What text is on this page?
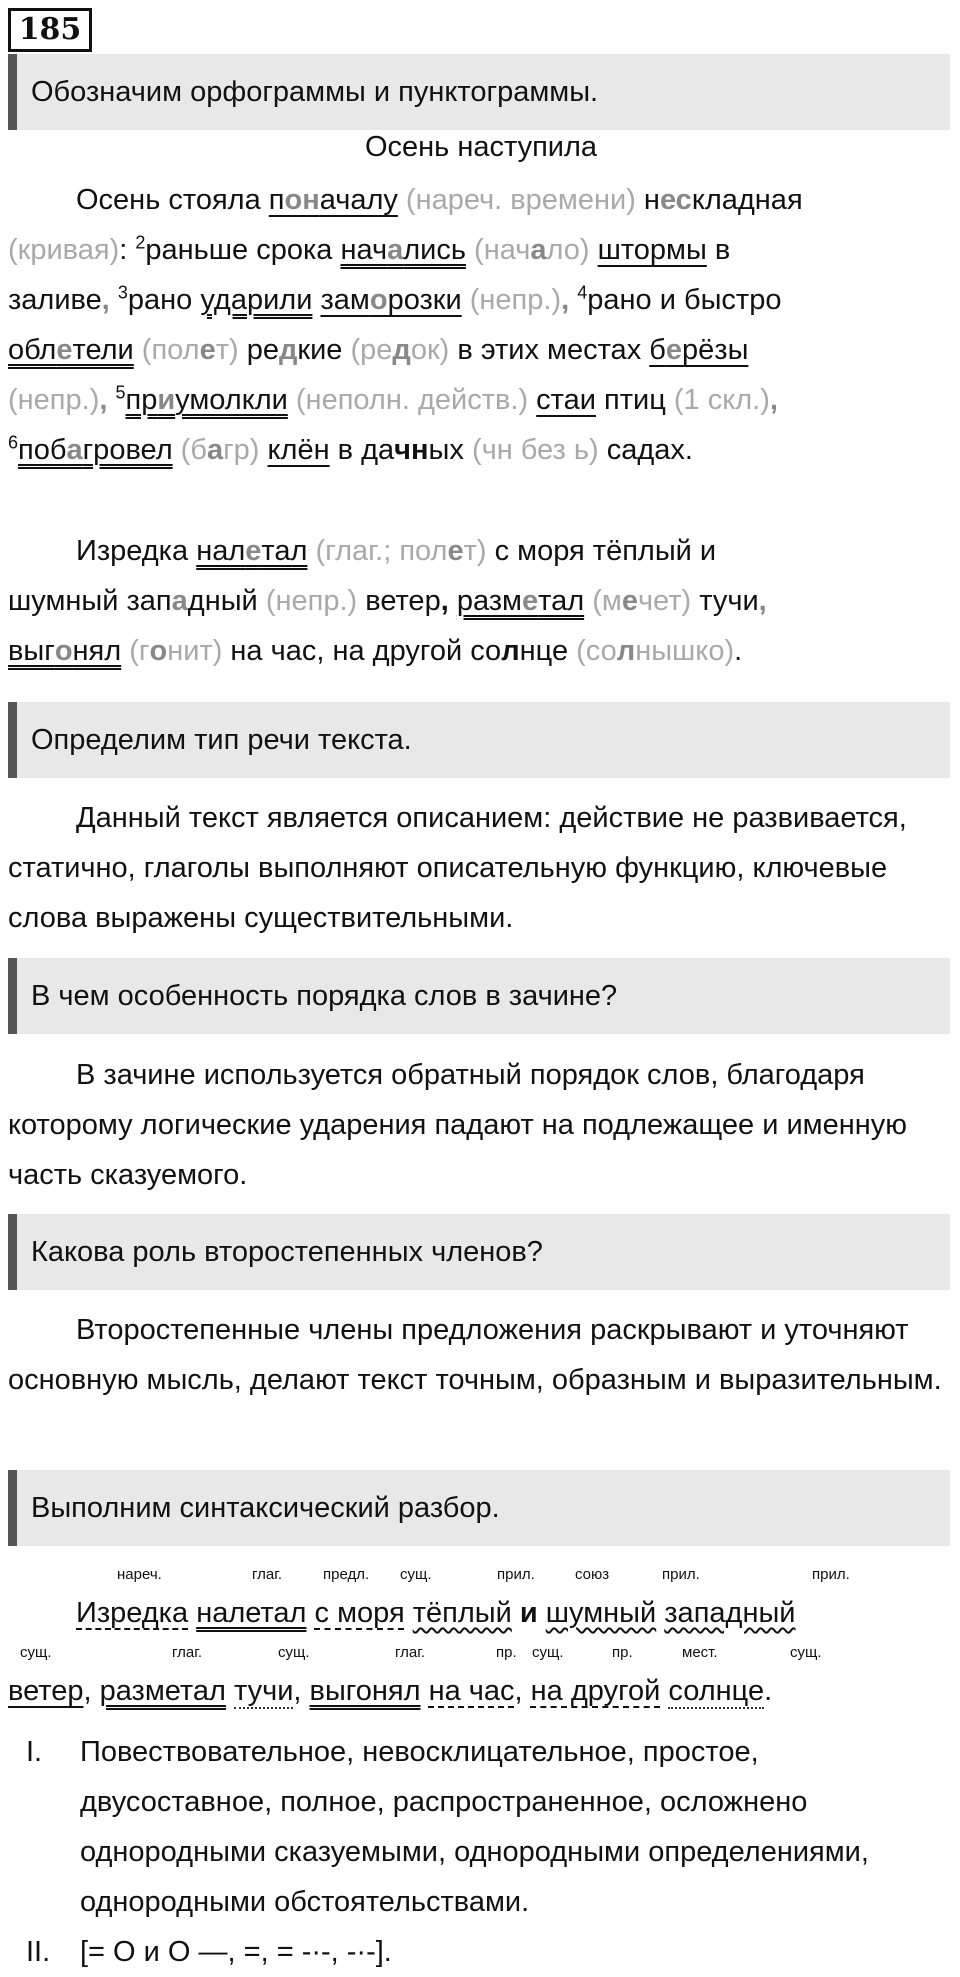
185
Обозначим орфограммы и пунктограммы.
Осень наступила
Осень стояла поначалу (нареч. времени) нескладная
(кривая): $^2$раньше срока начались (начало) штормы в
заливе, $^3$рано ударили заморозки (непр.), $^4$рано и быстро
облетели (полет) редкие (редок) в этих местах берёзы
(непр.), $^5$приумолкли (неполн. действ.) стаи птиц (1 скл.),
$^6$побагровел (багр) клён в дачных (чн без ь) садах.
Изредка налетал (глаг.; полет) с моря тёплый и
шумный западный (непр.) ветер, разметал (мечет) тучи,
выгонял (гонит) на час, на другой солнце (солнышко).
Определим тип речи текста.
Данный текст является описанием: действие не развивается, статично, глаголы выполняют описательную функцию, ключевые слова выражены существительными.
В чем особенность порядка слов в зачине?
В зачине используется обратный порядок слов, благодаря которому логические ударения падают на подлежащее и именную часть сказуемого.
Какова роль второстепенных членов?
Второстепенные члены предложения раскрывают и уточняют основную мысль, делают текст точным, образным и выразительным.
Выполним синтаксический разбор.
нареч.	глаг.	предл. сущ.	прил.	союз	прил.	прил.
Изредка налетал с моря тёплый и шумный западный
сущ.	глаг.	сущ.	глаг.	пр. сущ.	пр.	мест.	сущ.
ветер, разметал тучи, выгонял на час, на другой солнце.
I. Повествовательное, невосклицательное, простое, двусоставное, полное, распространенное, осложнено однородными сказуемыми, однородными определениями, однородными обстоятельствами.
II. [= О и О —, =, = -·-, -·-].
